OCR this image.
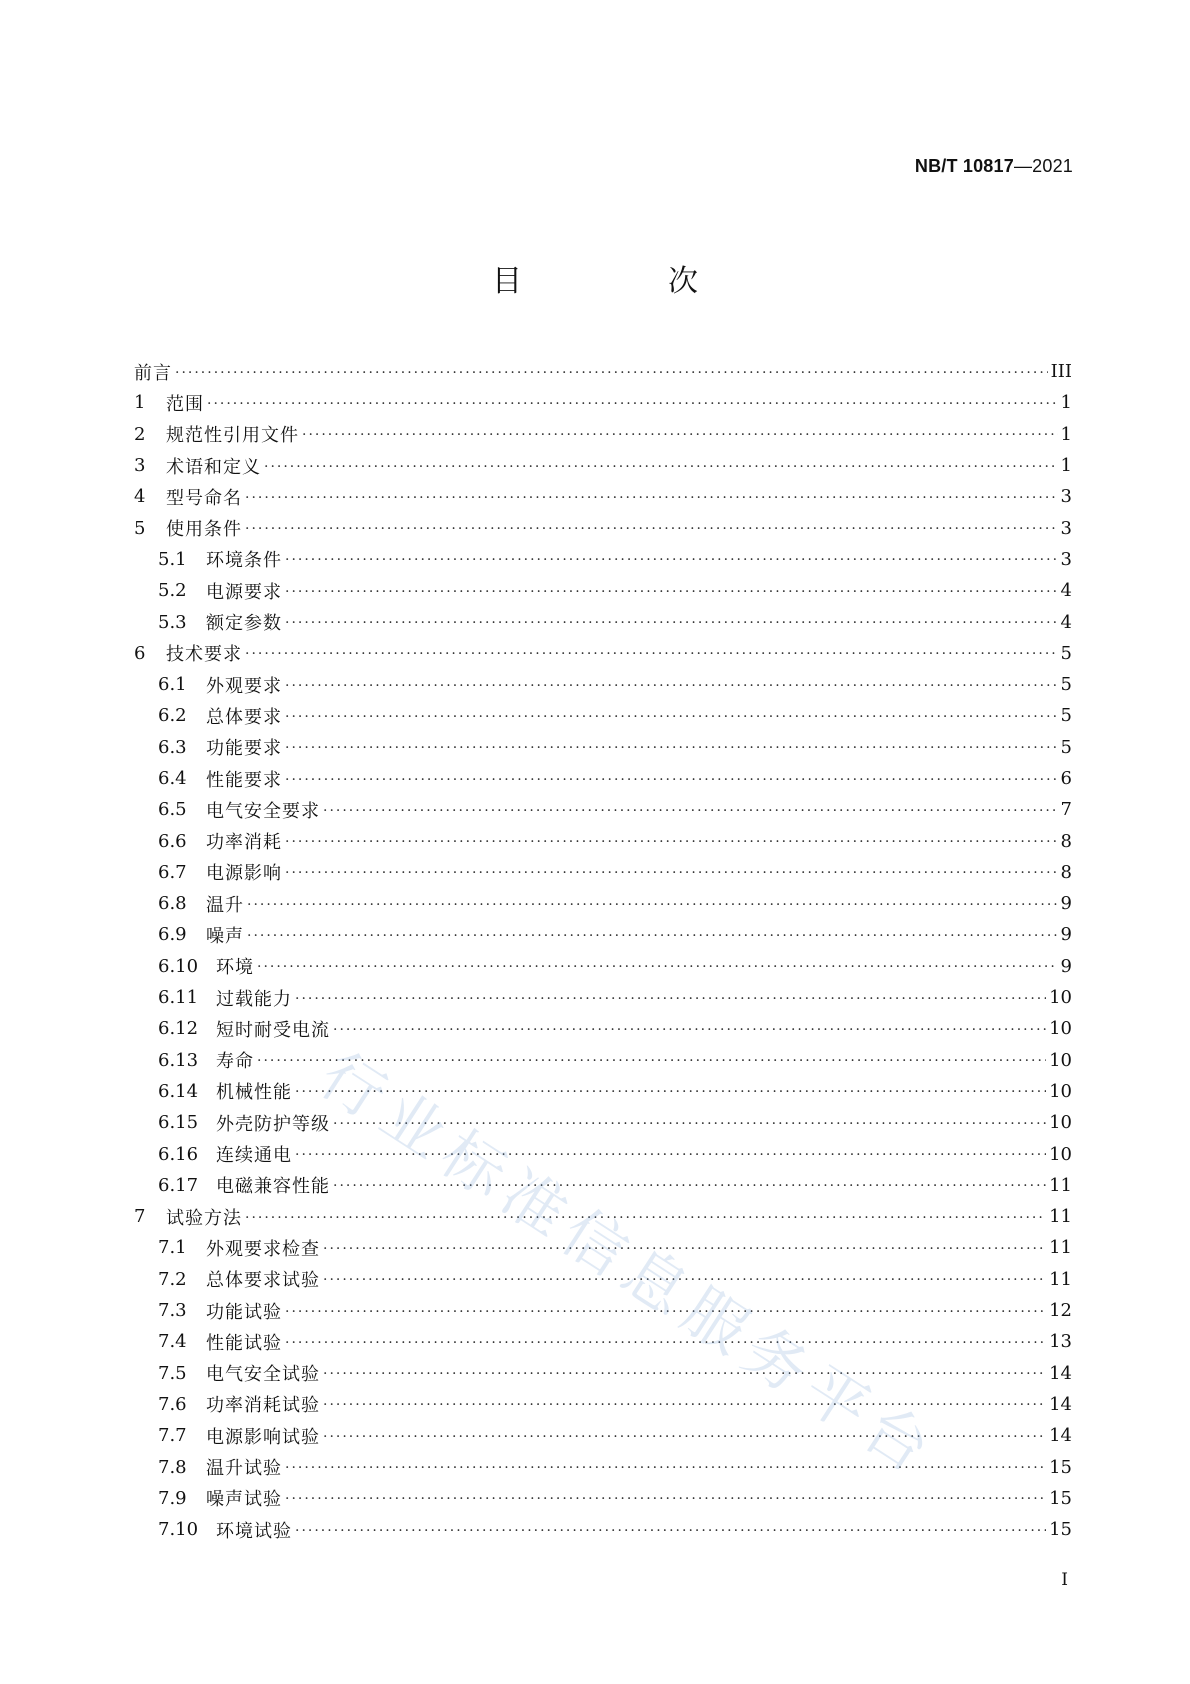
NB/T 10817—2021
目　次
前言 ·····	III
1	范围 ·····	1
2	规范性引用文件 ·····	1
3	术语和定义 ·····	1
4	型号命名 ·····	3
5	使用条件 ·····	3
5.1	环境条件 ·····	3
5.2	电源要求 ·····	4
5.3	额定参数 ·····	4
6	技术要求 ·····	5
6.1	外观要求 ·····	5
6.2	总体要求 ·····	5
6.3	功能要求 ·····	5
6.4	性能要求 ·····	6
6.5	电气安全要求 ·····	7
6.6	功率消耗 ·····	8
6.7	电源影响 ·····	8
6.8	温升 ·····	9
6.9	噪声 ·····	9
6.10 环境 ·····	9
6.11 过载能力 ·····	10
6.12 短时耐受电流 ·····	10
6.13 寿命 ·····	10
6.14 机械性能 ·····	10
6.15 外壳防护等级 ·····	10
6.16 连续通电 ·····	10
6.17 电磁兼容性能 ·····	11
7	试验方法 ·····	11
7.1	外观要求检查 ·····	11
7.2	总体要求试验 ·····	11
7.3	功能试验 ·····	12
7.4	性能试验 ·····	13
7.5	电气安全试验 ·····	14
7.6	功率消耗试验 ·····	14
7.7	电源影响试验 ·····	14
7.8	温升试验 ·····	15
7.9	噪声试验 ·····	15
7.10 环境试验 ·····	15
行业标准信息服务平台
I
